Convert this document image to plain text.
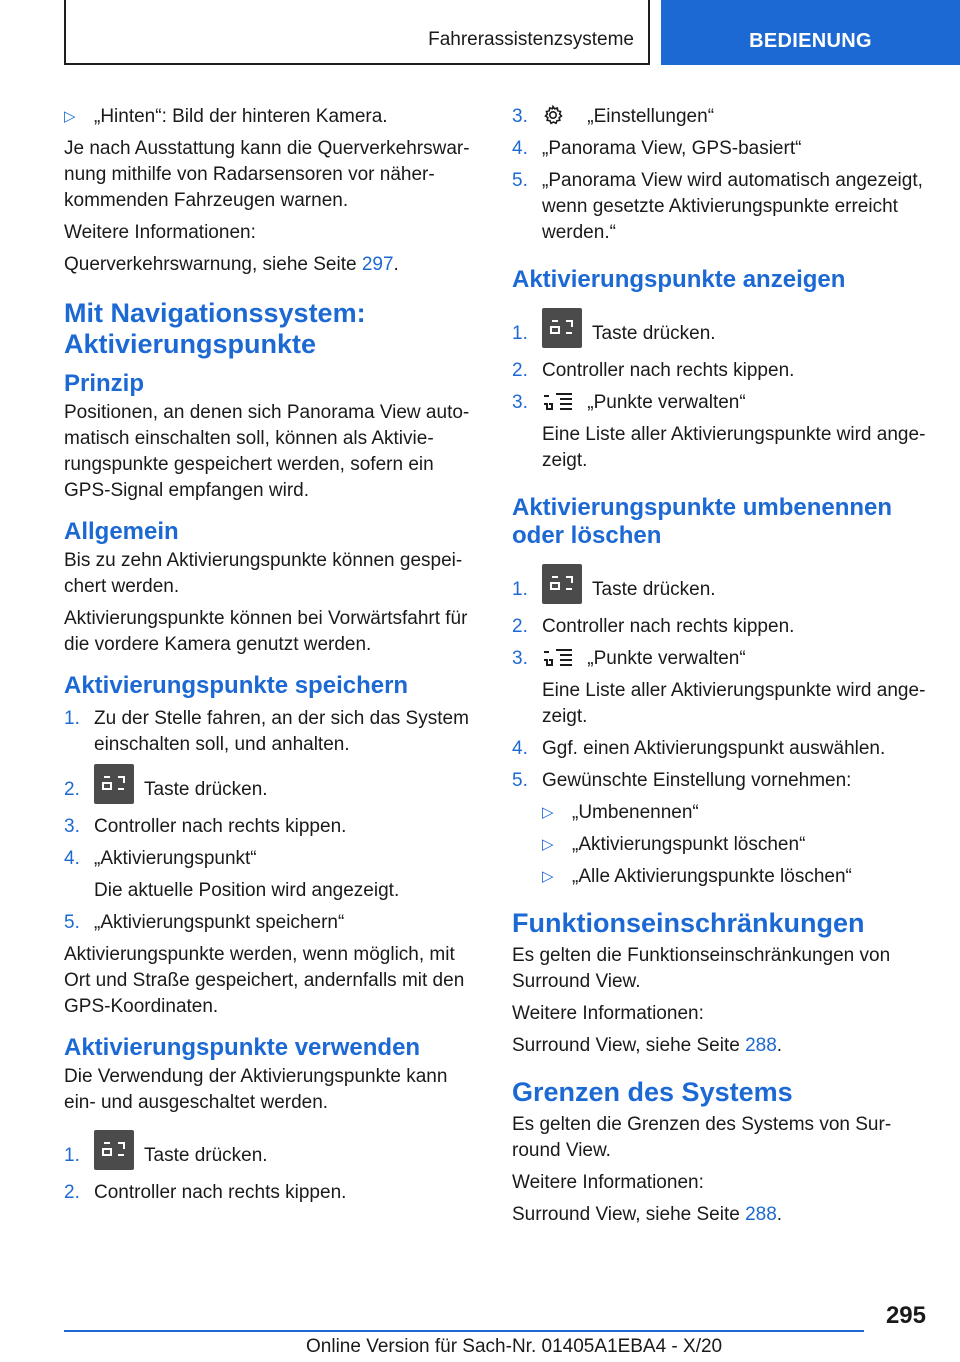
Fahrerassistenzsysteme	BEDIENUNG
▷ „Hinten“: Bild der hinteren Kamera.
Je nach Ausstattung kann die Querverkehrswarnung mithilfe von Radarsensoren vor näherkommenden Fahrzeugen warnen.
Weitere Informationen:
Querverkehrswarnung, siehe Seite 297.
Mit Navigationssystem: Aktivierungspunkte
Prinzip
Positionen, an denen sich Panorama View automatisch einschalten soll, können als Aktivierungspunkte gespeichert werden, sofern ein GPS-Signal empfangen wird.
Allgemein
Bis zu zehn Aktivierungspunkte können gespeichert werden.
Aktivierungspunkte können bei Vorwärtsfahrt für die vordere Kamera genutzt werden.
Aktivierungspunkte speichern
1. Zu der Stelle fahren, an der sich das System einschalten soll, und anhalten.
2.	Taste drücken.
3. Controller nach rechts kippen.
4. „Aktivierungspunkt“
Die aktuelle Position wird angezeigt.
5. „Aktivierungspunkt speichern“
Aktivierungspunkte werden, wenn möglich, mit Ort und Straße gespeichert, andernfalls mit den GPS-Koordinaten.
Aktivierungspunkte verwenden
Die Verwendung der Aktivierungspunkte kann ein- und ausgeschaltet werden.
1.	Taste drücken.
2. Controller nach rechts kippen.
3.	„Einstellungen“
4. „Panorama View, GPS-basiert“
5. „Panorama View wird automatisch angezeigt, wenn gesetzte Aktivierungspunkte erreicht werden.“
Aktivierungspunkte anzeigen
1.	Taste drücken.
2. Controller nach rechts kippen.
3.	„Punkte verwalten“
Eine Liste aller Aktivierungspunkte wird angezeigt.
Aktivierungspunkte umbenennen oder löschen
1.	Taste drücken.
2. Controller nach rechts kippen.
3.	„Punkte verwalten“
Eine Liste aller Aktivierungspunkte wird angezeigt.
4. Ggf. einen Aktivierungspunkt auswählen.
5. Gewünschte Einstellung vornehmen:
▷ „Umbenennen“
▷ „Aktivierungspunkt löschen“
▷ „Alle Aktivierungspunkte löschen“
Funktionseinschränkungen
Es gelten die Funktionseinschränkungen von Surround View.
Weitere Informationen:
Surround View, siehe Seite 288.
Grenzen des Systems
Es gelten die Grenzen des Systems von Surround View.
Weitere Informationen:
Surround View, siehe Seite 288.
295
Online Version für Sach-Nr. 01405A1EBA4 - X/20
